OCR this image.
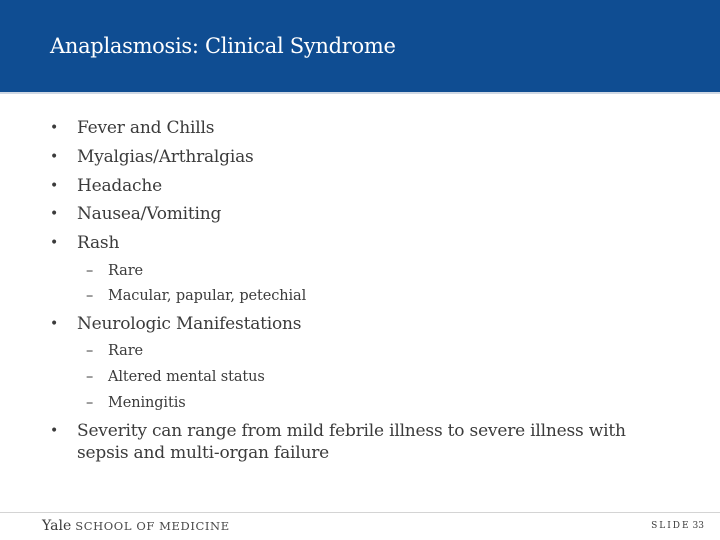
Anaplasmosis: Clinical Syndrome
•	Fever and Chills
•	Myalgias/Arthralgias
•	Headache
•	Nausea/Vomiting
•	Rash
– Rare
– Macular, papular, petechial
•	Neurologic Manifestations
– Rare
– Altered mental status
– Meningitis
•	Severity can range from mild febrile illness to severe illness with sepsis and multi-organ failure
Yale SCHOOL OF MEDICINE	SLIDE 33
